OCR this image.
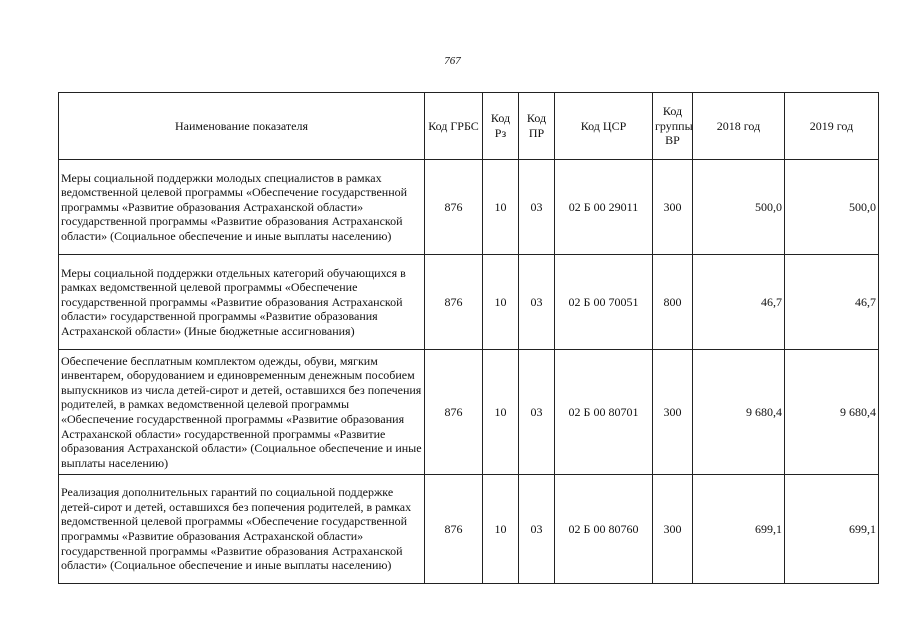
767
Наименование показателя	Код ГРБС	Код Рз	Код ПР	Код ЦСР	Код группы ВР	2018 год	2019 год
Меры социальной поддержки молодых специалистов в рамках ведомственной целевой программы «Обеспечение государственной программы «Развитие образования Астраханской области» государственной программы «Развитие образования Астраханской области» (Социальное обеспечение и иные выплаты населению)	876	10	03	02 Б 00 29011	300	500,0	500,0
Меры социальной поддержки отдельных категорий обучающихся в рамках ведомственной целевой программы «Обеспечение государственной программы «Развитие образования Астраханской области» государственной программы «Развитие образования Астраханской области» (Иные бюджетные ассигнования)	876	10	03	02 Б 00 70051	800	46,7	46,7
Обеспечение бесплатным комплектом одежды, обуви, мягким инвентарем, оборудованием и единовременным денежным пособием выпускников из числа детей-сирот и детей, оставшихся без попечения родителей, в рамках ведомственной целевой программы «Обеспечение государственной программы «Развитие образования Астраханской области» государственной программы «Развитие образования Астраханской области» (Социальное обеспечение и иные выплаты населению)	876	10	03	02 Б 00 80701	300	9 680,4	9 680,4
Реализация дополнительных гарантий по социальной поддержке детей-сирот и детей, оставшихся без попечения родителей, в рамках ведомственной целевой программы «Обеспечение государственной программы «Развитие образования Астраханской области» государственной программы «Развитие образования Астраханской области» (Социальное обеспечение и иные выплаты населению)	876	10	03	02 Б 00 80760	300	699,1	699,1
